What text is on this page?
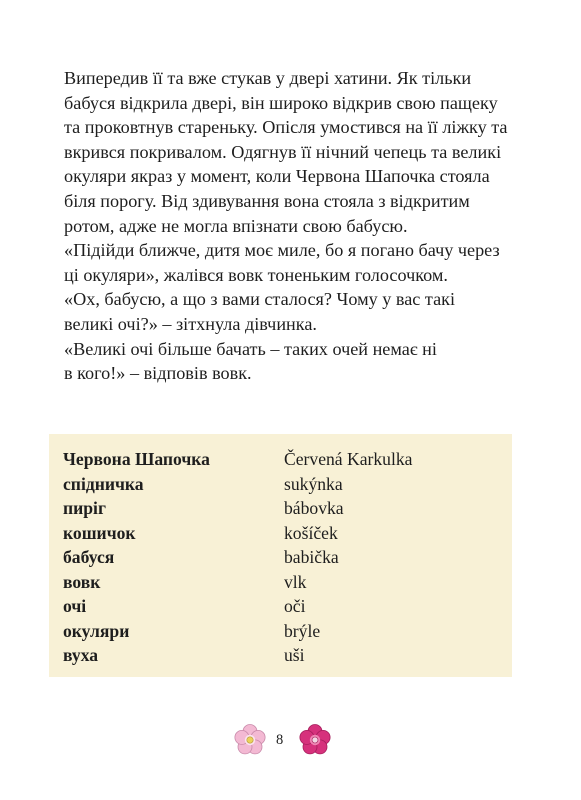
Випередив її та вже стукав у двері хатини. Як тільки
бабуся відкрила двері, він широко відкрив свою пащеку
та проковтнув стареньку. Опісля умостився на її ліжку та
вкрився покривалом. Одягнув її нічний чепець та великі
окуляри якраз у момент, коли Червона Шапочка стояла
біля порогу. Від здивування вона стояла з відкритим
ротом, адже не могла впізнати свою бабусю.

«Підійди ближче, дитя моє миле, бо я погано бачу через
ці окуляри», жалівся вовк тоненьким голосочком.

«Ох, бабусю, а що з вами сталося? Чому у вас такі
великі очі?» – зітхнула дівчинка.

«Великі очі більше бачать – таких очей немає ні
в кого!» – відповів вовк.

Червона Шапочка	Červená Karkulka
спідничка	sukýnka
пиріг	bábovka
кошичок	košíček
бабуся	babička
вовк	vlk
очі	oči
окуляри	brýle
вуха	uši
8
